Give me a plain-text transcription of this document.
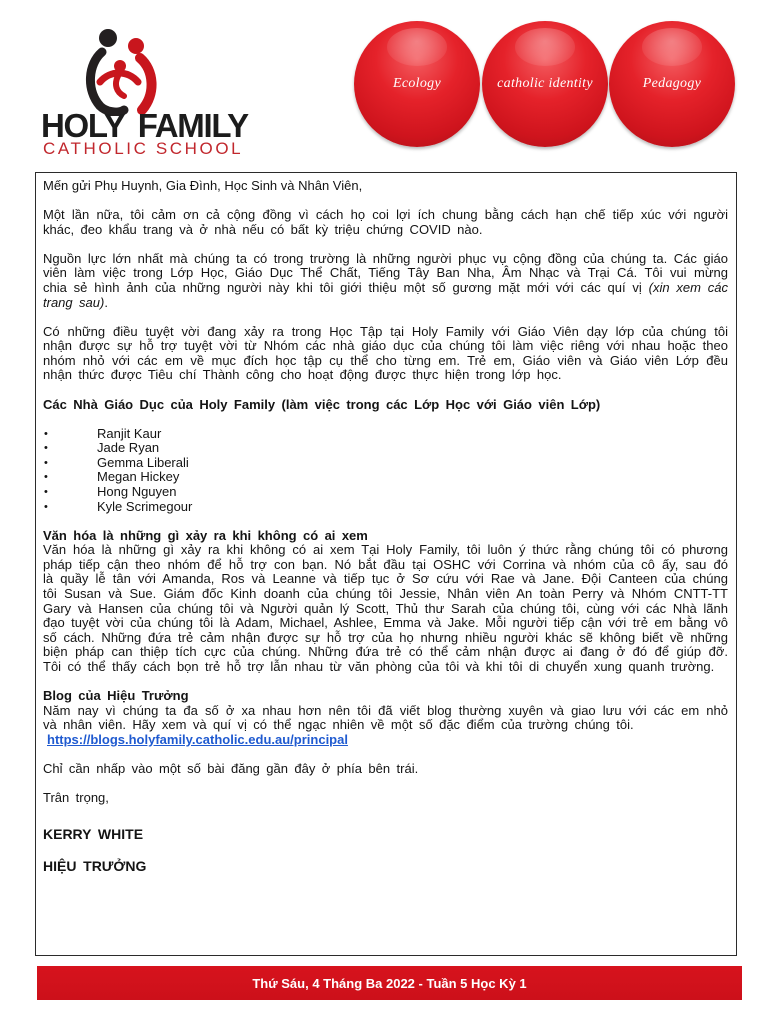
HOLY FAMILY
CATHOLIC SCHOOL
Ecology	catholic identity	Pedagogy

Mến gửi Phụ Huynh, Gia Đình, Học Sinh và Nhân Viên,

Một lần nữa, tôi cảm ơn cả cộng đồng vì cách họ coi lợi ích chung bằng cách hạn chế tiếp xúc với người khác, đeo khẩu trang và ở nhà nếu có bất kỳ triệu chứng COVID nào.

Nguồn lực lớn nhất mà chúng ta có trong trường là những người phục vụ cộng đồng của chúng ta. Các giáo viên làm việc trong Lớp Học, Giáo Dục Thể Chất, Tiếng Tây Ban Nha, Âm Nhạc và Trại Cá. Tôi vui mừng chia sẻ hình ảnh của những người này khi tôi giới thiệu một số gương mặt mới với các quí vị (xin xem các trang sau).

Có những điều tuyệt vời đang xảy ra trong Học Tập tại Holy Family với Giáo Viên dạy lớp của chúng tôi nhận được sự hỗ trợ tuyệt vời từ Nhóm các nhà giáo dục của chúng tôi làm việc riêng với nhau hoặc theo nhóm nhỏ với các em về mục đích học tập cụ thể cho từng em. Trẻ em, Giáo viên và Giáo viên Lớp đều nhận thức được Tiêu chí Thành công cho hoạt động được thực hiện trong lớp học.

Các Nhà Giáo Dục của Holy Family (làm việc trong các Lớp Học với Giáo viên Lớp)

•	Ranjit Kaur
•	Jade Ryan
•	Gemma Liberali
•	Megan Hickey
•	Hong Nguyen
•	Kyle Scrimegour

Văn hóa là những gì xảy ra khi không có ai xem

Văn hóa là những gì xảy ra khi không có ai xem Tại Holy Family, tôi luôn ý thức rằng chúng tôi có phương pháp tiếp cận theo nhóm để hỗ trợ con bạn. Nó bắt đầu tại OSHC với Corrina và nhóm của cô ấy, sau đó là quầy lễ tân với Amanda, Ros và Leanne và tiếp tục ở Sơ cứu với Rae và Jane. Đội Canteen của chúng tôi Susan và Sue. Giám đốc Kinh doanh của chúng tôi Jessie, Nhân viên An toàn Perry và Nhóm CNTT-TT Gary và Hansen của chúng tôi và Người quản lý Scott, Thủ thư Sarah của chúng tôi, cùng với các Nhà lãnh đạo tuyệt vời của chúng tôi là Adam, Michael, Ashlee, Emma và Jake. Mỗi người tiếp cận với trẻ em bằng vô số cách. Những đứa trẻ cảm nhận được sự hỗ trợ của họ nhưng nhiều người khác sẽ không biết về những biện pháp can thiệp tích cực của chúng. Những đứa trẻ có thể cảm nhận được ai đang ở đó để giúp đỡ. Tôi có thể thấy cách bọn trẻ hỗ trợ lẫn nhau từ văn phòng của tôi và khi tôi di chuyển xung quanh trường.

Blog của Hiệu Trưởng

Năm nay vì chúng ta đa số ở xa nhau hơn nên tôi đã viết blog thường xuyên và giao lưu với các em nhỏ và nhân viên. Hãy xem và quí vị có thể ngạc nhiên về một số đặc điểm của trường chúng tôi.

https://blogs.holyfamily.catholic.edu.au/principal

Chỉ cần nhấp vào một số bài đăng gần đây ở phía bên trái.

Trân trọng,

KERRY WHITE

HIỆU TRƯỞNG

Thứ Sáu, 4 Tháng Ba 2022 - Tuần 5 Học Kỳ 1
